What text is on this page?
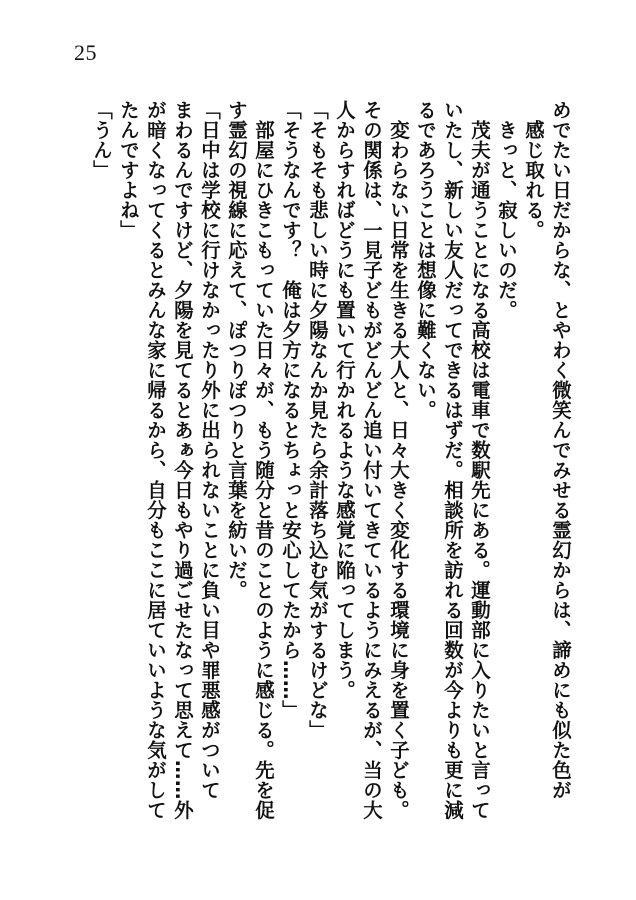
25

めでたい日だからな、とやわく微笑んでみせる霊幻からは、諦めにも似た色が

感じ取れる。

きっと、寂しいのだ。

茂夫が通うことになる高校は電車で数駅先にある。運動部に入りたいと言って

いたし、新しい友人だってできるはずだ。相談所を訪れる回数が今よりも更に減

るであろうことは想像に難くない。

変わらない日常を生きる大人と、日々大きく変化する環境に身を置く子ども。

その関係は、一見子どもがどんどん追い付いてきているようにみえるが、当の大

人からすればどうにも置いて行かれるような感覚に陥ってしまう。

「そもそも悲しい時に夕陽なんか見たら余計落ち込む気がするけどな」

「そうなんです？　俺は夕方になるとちょっと安心してたから……」

部屋にひきこもっていた日々が、もう随分と昔のことのように感じる。先を促

す霊幻の視線に応えて、ぽつりぽつりと言葉を紡いだ。

「日中は学校に行けなかったり外に出られないことに負い目や罪悪感がついて

まわるんですけど、夕陽を見てるとあぁ今日もやり過ごせたなって思えて……外

が暗くなってくるとみんな家に帰るから、自分もここに居ていいような気がして

たんですよね」

「うん」
